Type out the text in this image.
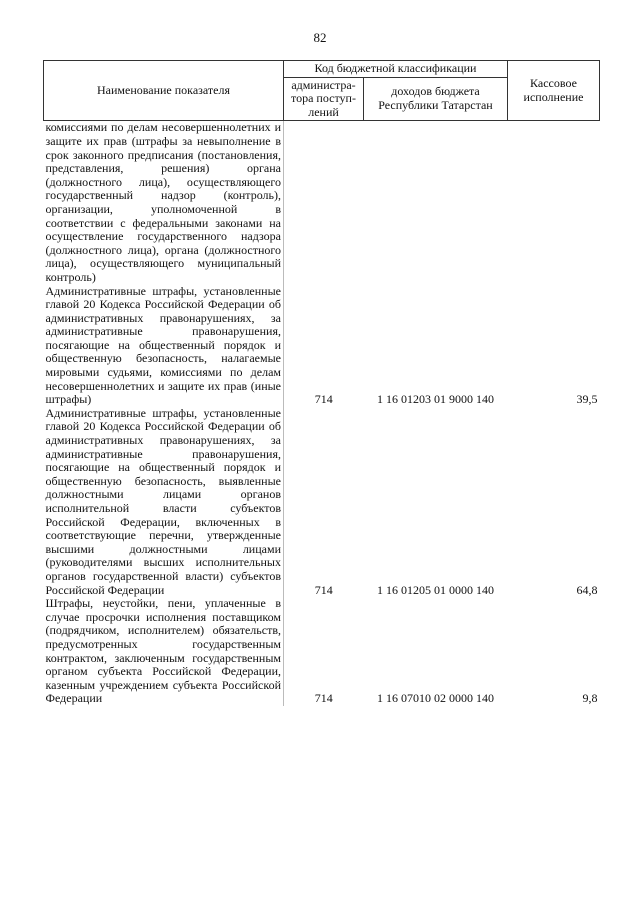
82
Наименование показателя	Код бюджетной классификации		Кассовое исполнение
	администра-тора поступ-лений	доходов бюджета Республики Татарстан	
комиссиями по делам несовершеннолетних и защите их прав (штрафы за невыполнение в срок законного предписания (постановления, представления, решения) органа (должностного лица), осуществляющего государственный надзор (контроль), организации, уполномоченной в соответствии с федеральными законами на осуществление государственного надзора (должностного лица), органа (должностного лица), осуществляющего муниципальный контроль)			
Административные штрафы, установленные главой 20 Кодекса Российской Федерации об административных правонарушениях, за административные правонарушения, посягающие на общественный порядок и общественную безопасность, налагаемые мировыми судьями, комиссиями по делам несовершеннолетних и защите их прав (иные штрафы)	714	1 16 01203 01 9000 140	39,5
Административные штрафы, установленные главой 20 Кодекса Российской Федерации об административных правонарушениях, за административные правонарушения, посягающие на общественный порядок и общественную безопасность, выявленные должностными лицами органов исполнительной власти субъектов Российской Федерации, включенных в соответствующие перечни, утвержденные высшими должностными лицами (руководителями высших исполнительных органов государственной власти) субъектов Российской Федерации	714	1 16 01205 01 0000 140	64,8
Штрафы, неустойки, пени, уплаченные в случае просрочки исполнения поставщиком (подрядчиком, исполнителем) обязательств, предусмотренных государственным контрактом, заключенным государственным органом субъекта Российской Федерации, казенным учреждением субъекта Российской Федерации	714	1 16 07010 02 0000 140	9,8
